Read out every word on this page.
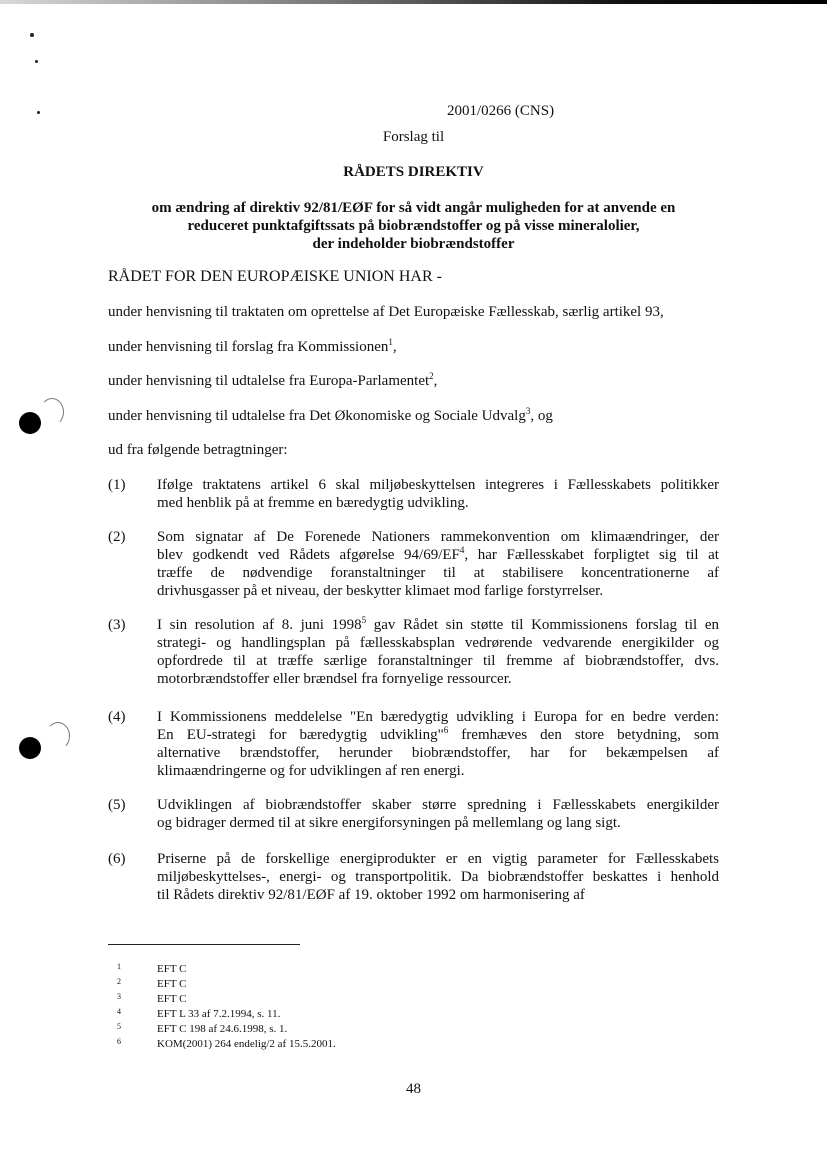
2001/0266 (CNS)
Forslag til
RÅDETS DIREKTIV
om ændring af direktiv 92/81/EØF for så vidt angår muligheden for at anvende en
reduceret punktafgiftssats på biobrændstoffer og på visse mineralolier,
der indeholder biobrændstoffer
RÅDET FOR DEN EUROPÆISKE UNION HAR -
under henvisning til traktaten om oprettelse af Det Europæiske Fællesskab, særlig artikel 93,
under henvisning til forslag fra Kommissionen$^1$,
under henvisning til udtalelse fra Europa-Parlamentet$^2$,
under henvisning til udtalelse fra Det Økonomiske og Sociale Udvalg$^3$, og
ud fra følgende betragtninger:
(1) Ifølge traktatens artikel 6 skal miljøbeskyttelsen integreres i Fællesskabets politikker
med henblik på at fremme en bæredygtig udvikling.
(2) Som signatar af De Forenede Nationers rammekonvention om klimaændringer, der
blev godkendt ved Rådets afgørelse $94/69/EF^4$, har Fællesskabet forpligtet sig til at
træffe de nødvendige foranstaltninger til at stabilisere koncentrationerne af
drivhusgasser på et niveau, der beskytter klimaet mod farlige forstyrrelser.
(3) I sin resolution af 8. juni 1998$^5$ gav Rådet sin støtte til Kommissionens forslag til en
strategi- og handlingsplan på fællesskabsplan vedrørende vedvarende energikilder og
opfordrede til at træffe særlige foranstaltninger til fremme af biobrændstoffer, dvs.
motorbrændstoffer eller brændsel fra fornyelige ressourcer.
(4) I Kommissionens meddelelse "En bæredygtig udvikling i Europa for en bedre verden:
En EU-strategi for bæredygtig udvikling"$^6$ fremhæves den store betydning, som
alternative brændstoffer, herunder biobrændstoffer, har for bekæmpelsen af
klimaændringerne og for udviklingen af ren energi.
(5) Udviklingen af biobrændstoffer skaber større spredning i Fællesskabets energikilder
og bidrager dermed til at sikre energiforsyningen på mellemlang og lang sigt.
(6) Priserne på de forskellige energiprodukter er en vigtig parameter for Fællesskabets
miljøbeskyttelses-, energi- og transportpolitik. Da biobrændstoffer beskattes i henhold
til Rådets direktiv 92/81/EØF af 19. oktober 1992 om harmonisering af
1	EFT C
2	EFT C
3	EFT C
4	EFT L 33 af 7.2.1994, s. 11.
5	EFT C 198 af 24.6.1998, s. 1.
6	KOM(2001) 264 endelig/2 af 15.5.2001.
48
